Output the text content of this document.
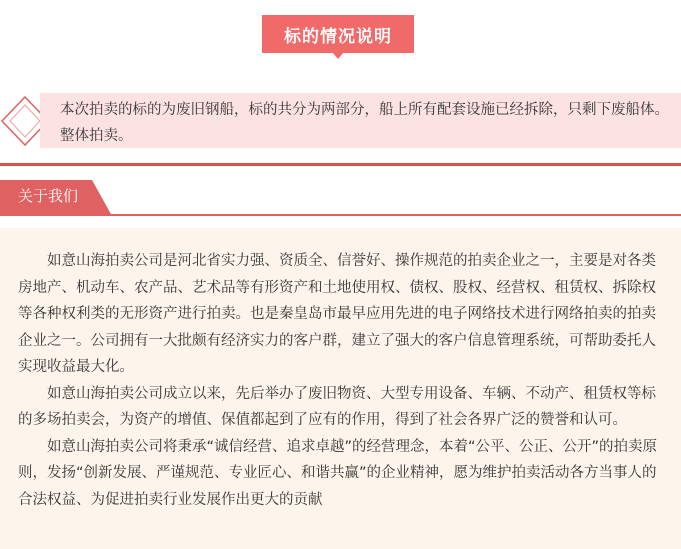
标的情况说明
本次拍卖的标的为废旧钢船，标的共分为两部分，船上所有配套设施已经拆除，只剩下废船体。整体拍卖。
关于我们

如意山海拍卖公司是河北省实力强、资质全、信誉好、操作规范的拍卖企业之一，主要是对各类房地产、机动车、农产品、艺术品等有形资产和土地使用权、债权、股权、经营权、租赁权、拆除权等各种权利类的无形资产进行拍卖。也是秦皇岛市最早应用先进的电子网络技术进行网络拍卖的拍卖企业之一。公司拥有一大批颇有经济实力的客户群，建立了强大的客户信息管理系统，可帮助委托人实现收益最大化。

如意山海拍卖公司成立以来，先后举办了废旧物资、大型专用设备、车辆、不动产、租赁权等标的多场拍卖会，为资产的增值、保值都起到了应有的作用，得到了社会各界广泛的赞誉和认可。

如意山海拍卖公司将秉承“诚信经营、追求卓越”的经营理念，本着“公平、公正、公开”的拍卖原则，发扬“创新发展、严谨规范、专业匠心、和谐共赢”的企业精神，愿为维护拍卖活动各方当事人的合法权益、为促进拍卖行业发展作出更大的贡献
